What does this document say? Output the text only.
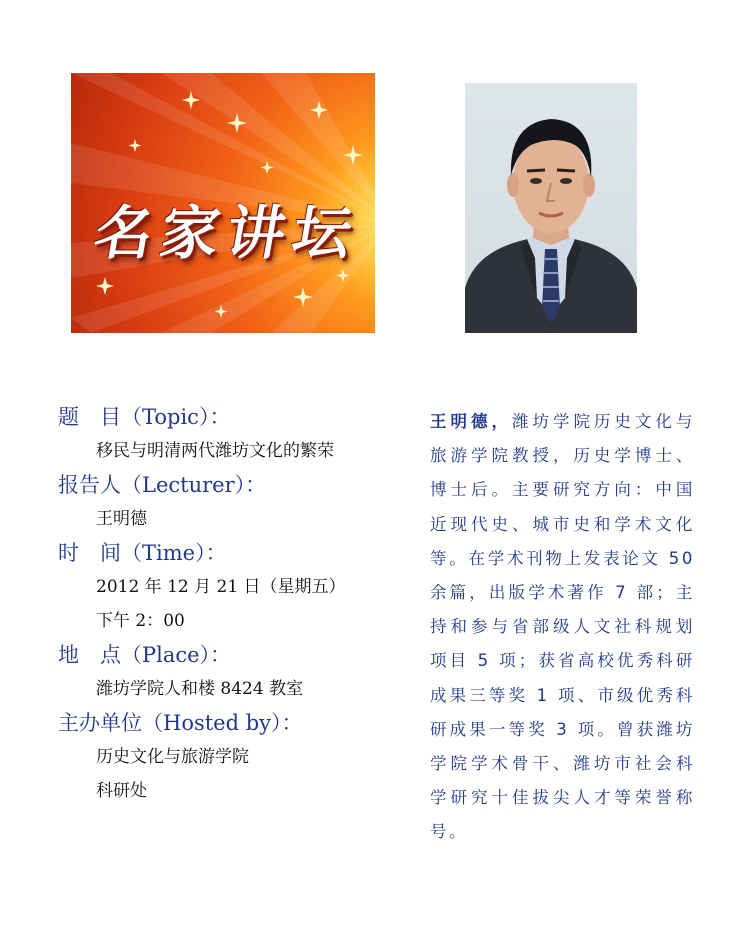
名
家
讲
坛
题　目（Topic）：
移民与明清两代潍坊文化的繁荣
报告人（Lecturer）：
王明德
时　间（Time）：
2012 年 12 月 21 日（星期五）
下午 2：00
地　点（Place）：
潍坊学院人和楼 8424 教室
主办单位（Hosted by）：
历史文化与旅游学院
科研处
王明德，潍坊学院历史文化与旅游学院教授，历史学博士、博士后。主要研究方向：中国近现代史、城市史和学术文化等。在学术刊物上发表论文 50 余篇，出版学术著作 7 部；主持和参与省部级人文社科规划项目 5 项；获省高校优秀科研成果三等奖 1 项、市级优秀科研成果一等奖 3 项。曾获潍坊学院学术骨干、潍坊市社会科学研究十佳拔尖人才等荣誉称号。
